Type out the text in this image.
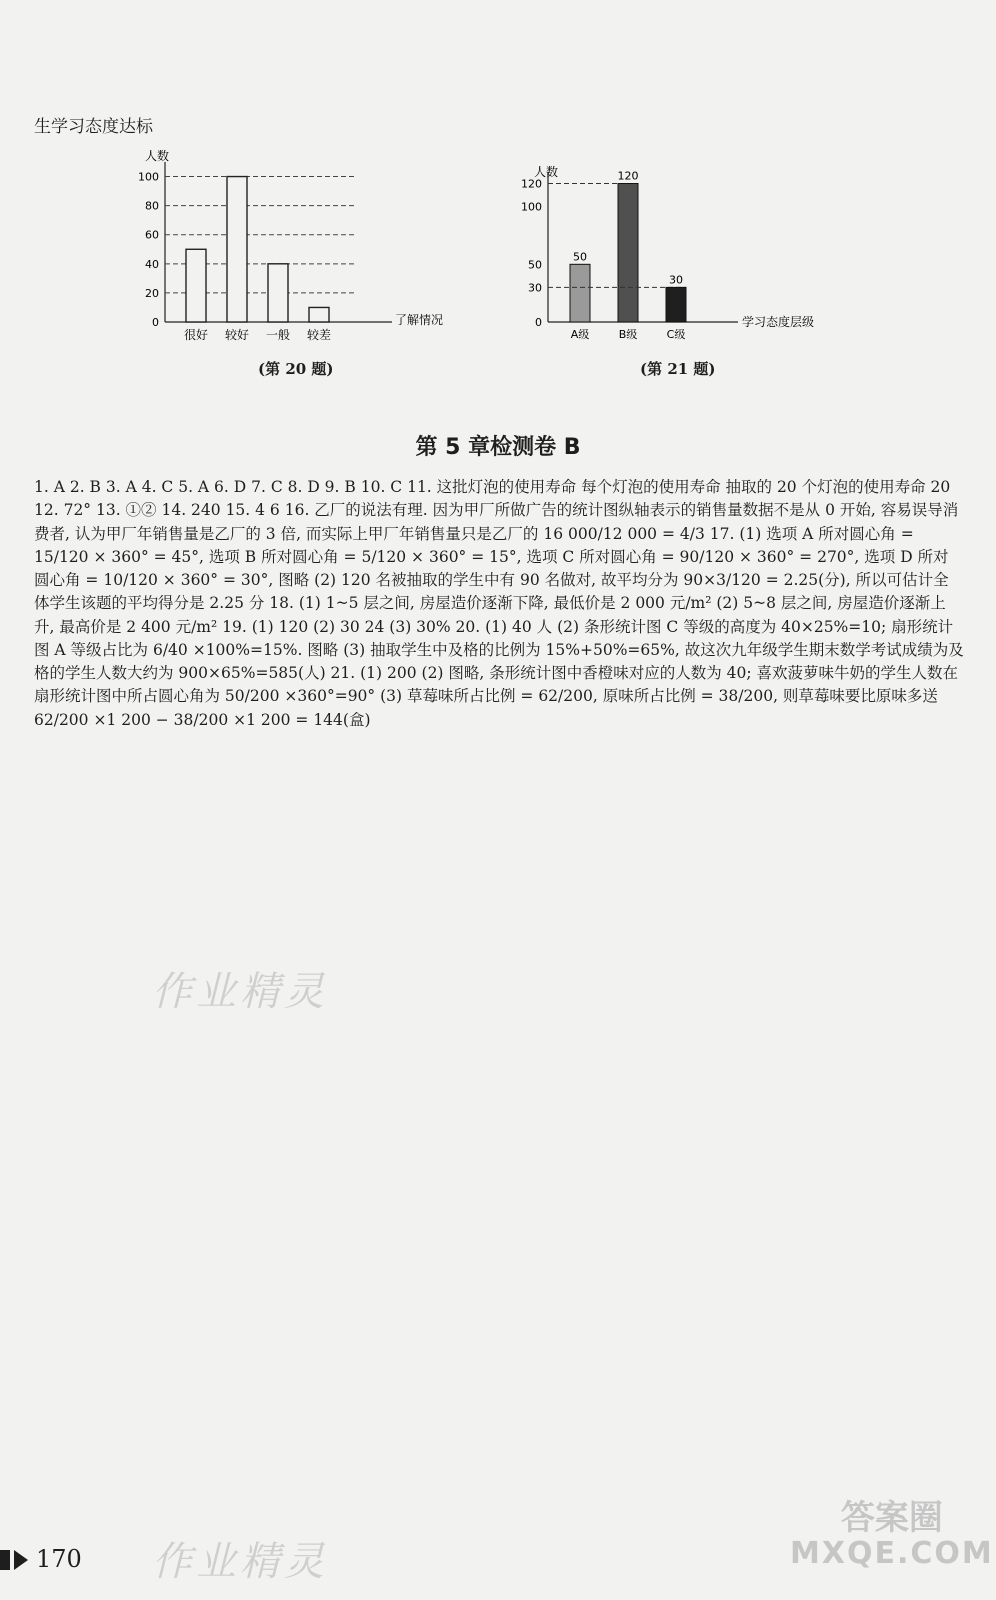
生学习态度达标
人数
了解情况
0
20
40
60
80
100
很好 较好 一般 较差
(第 20 题)
人数
学习态度层级
0
30
50
100
120
50
A级
120
B级
30
C级
(第 21 题)
第 5 章检测卷 B

1. A 2. B 3. A 4. C 5. A 6. D 7. C 8. D 9. B 10. C 11. 这批灯泡的使用寿命 每个灯泡的使用寿命 抽取的 20 个灯泡的使用寿命 20 12. 72° 13. ①② 14. 240 15. 4 6 16. 乙厂的说法有理. 因为甲厂所做广告的统计图纵轴表示的销售量数据不是从 0 开始, 容易误导消费者, 认为甲厂年销售量是乙厂的 3 倍, 而实际上甲厂年销售量只是乙厂的 16 000/12 000 = 4/3 17. (1) 选项 A 所对圆心角 = 15/120 × 360° = 45°, 选项 B 所对圆心角 = 5/120 × 360° = 15°, 选项 C 所对圆心角 = 90/120 × 360° = 270°, 选项 D 所对圆心角 = 10/120 × 360° = 30°, 图略 (2) 120 名被抽取的学生中有 90 名做对, 故平均分为 90×3/120 = 2.25(分), 所以可估计全体学生该题的平均得分是 2.25 分 18. (1) 1~5 层之间, 房屋造价逐渐下降, 最低价是 2 000 元/m² (2) 5~8 层之间, 房屋造价逐渐上升, 最高价是 2 400 元/m² 19. (1) 120 (2) 30 24 (3) 30% 20. (1) 40 人 (2) 条形统计图 C 等级的高度为 40×25%=10; 扇形统计图 A 等级占比为 6/40 ×100%=15%. 图略 (3) 抽取学生中及格的比例为 15%+50%=65%, 故这次九年级学生期末数学考试成绩为及格的学生人数大约为 900×65%=585(人) 21. (1) 200 (2) 图略, 条形统计图中香橙味对应的人数为 40; 喜欢菠萝味牛奶的学生人数在扇形统计图中所占圆心角为 50/200 ×360°=90° (3) 草莓味所占比例 = 62/200, 原味所占比例 = 38/200, 则草莓味要比原味多送 62/200 ×1 200 − 38/200 ×1 200 = 144(盒)

作业精灵
作业精灵
170
答案圈
MXQE.COM
